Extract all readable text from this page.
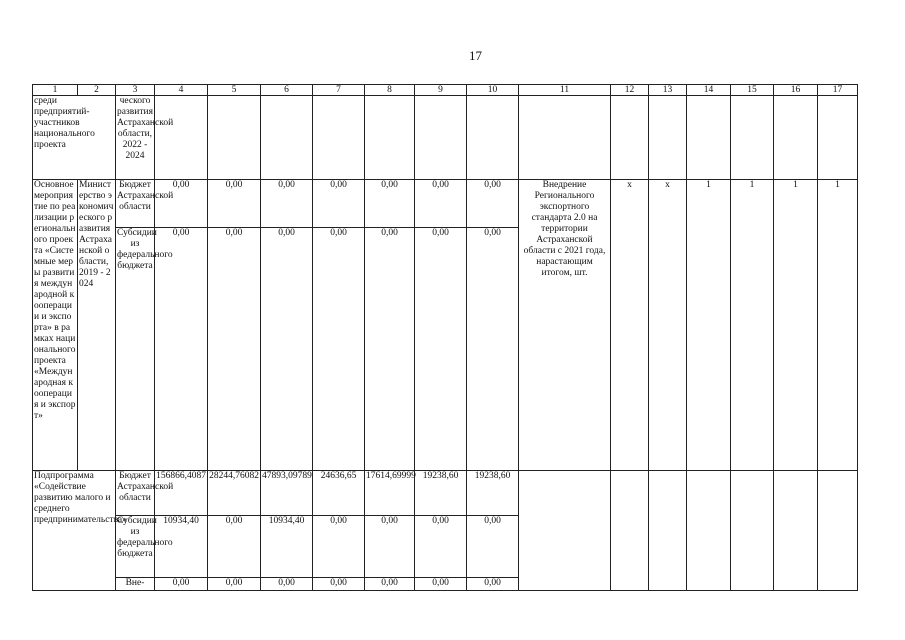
17
1	2	3	4	5	6	7	8	9	10	11	12	13	14	15	16	17
среди предприятий-участников национального проекта		ческого развития Астраханской области, 2022 - 2024														
Основное мероприятие по реализации регионального проекта «Системные меры развития международной кооперации и экспорта» в рамках национального проекта «Международная кооперация и экспорт»	Министерство экономического развития Астраханской области, 2019 - 2024	Бюджет Астраханской области	0,00	0,00	0,00	0,00	0,00	0,00	0,00	Внедрение Регионального экспортного стандарта 2.0 на территории Астраханской области с 2021 года, нарастающим итогом, шт.	х	х	1	1	1	1
		Субсидии из федерального бюджета	0,00	0,00	0,00	0,00	0,00	0,00	0,00							
Подпрограмма «Содействие развитию малого и среднего предпринимательства»		Бюджет Астраханской области	156866,4087	28244,76082	47893,09789	24636,65	17614,69999	19238,60	19238,60							
		Субсидии из федерального бюджета	10934,40	0,00	10934,40	0,00	0,00	0,00	0,00							
		Вне-	0,00	0,00	0,00	0,00	0,00	0,00	0,00							
